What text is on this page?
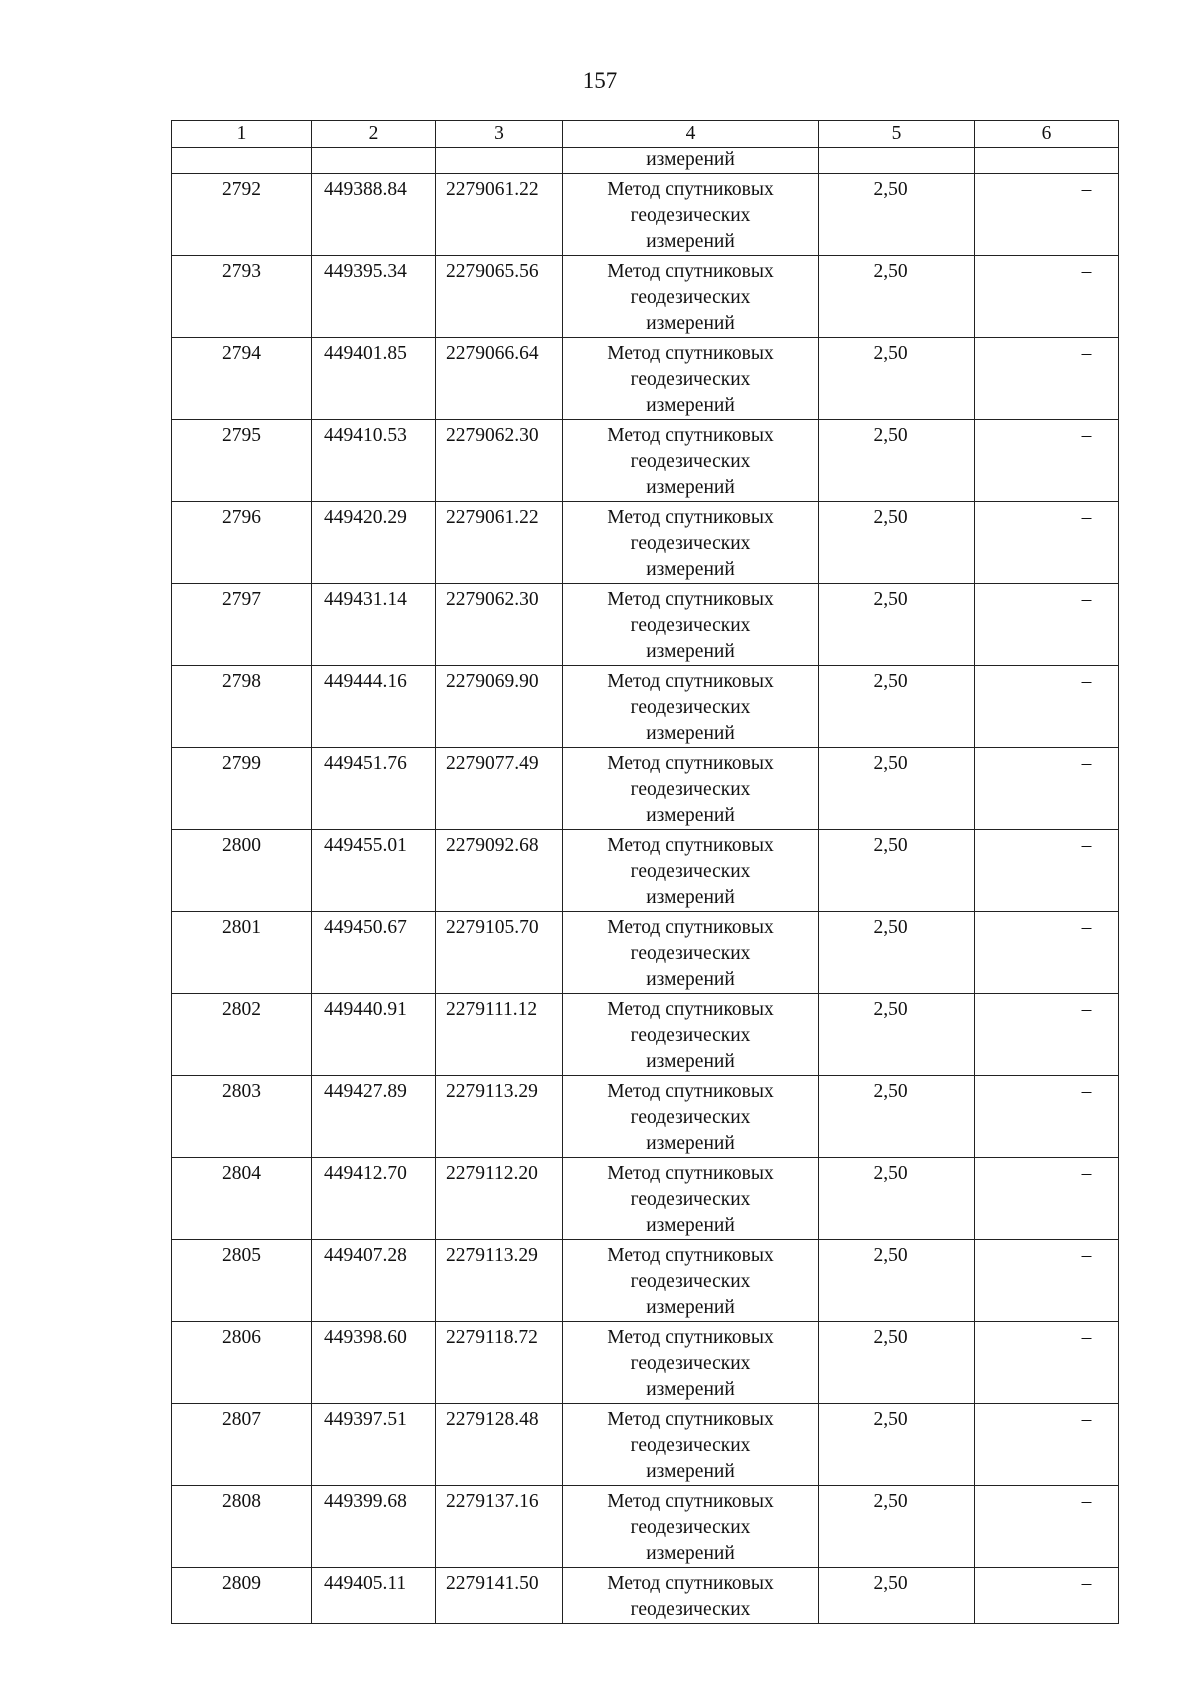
157
1	2	3	4	5	6
			измерений		
2792	449388.84	2279061.22	Метод спутниковых
геодезических
измерений	2,50	–
2793	449395.34	2279065.56	Метод спутниковых
геодезических
измерений	2,50	–
2794	449401.85	2279066.64	Метод спутниковых
геодезических
измерений	2,50	–
2795	449410.53	2279062.30	Метод спутниковых
геодезических
измерений	2,50	–
2796	449420.29	2279061.22	Метод спутниковых
геодезических
измерений	2,50	–
2797	449431.14	2279062.30	Метод спутниковых
геодезических
измерений	2,50	–
2798	449444.16	2279069.90	Метод спутниковых
геодезических
измерений	2,50	–
2799	449451.76	2279077.49	Метод спутниковых
геодезических
измерений	2,50	–
2800	449455.01	2279092.68	Метод спутниковых
геодезических
измерений	2,50	–
2801	449450.67	2279105.70	Метод спутниковых
геодезических
измерений	2,50	–
2802	449440.91	2279111.12	Метод спутниковых
геодезических
измерений	2,50	–
2803	449427.89	2279113.29	Метод спутниковых
геодезических
измерений	2,50	–
2804	449412.70	2279112.20	Метод спутниковых
геодезических
измерений	2,50	–
2805	449407.28	2279113.29	Метод спутниковых
геодезических
измерений	2,50	–
2806	449398.60	2279118.72	Метод спутниковых
геодезических
измерений	2,50	–
2807	449397.51	2279128.48	Метод спутниковых
геодезических
измерений	2,50	–
2808	449399.68	2279137.16	Метод спутниковых
геодезических
измерений	2,50	–
2809	449405.11	2279141.50	Метод спутниковых
геодезических	2,50	–
